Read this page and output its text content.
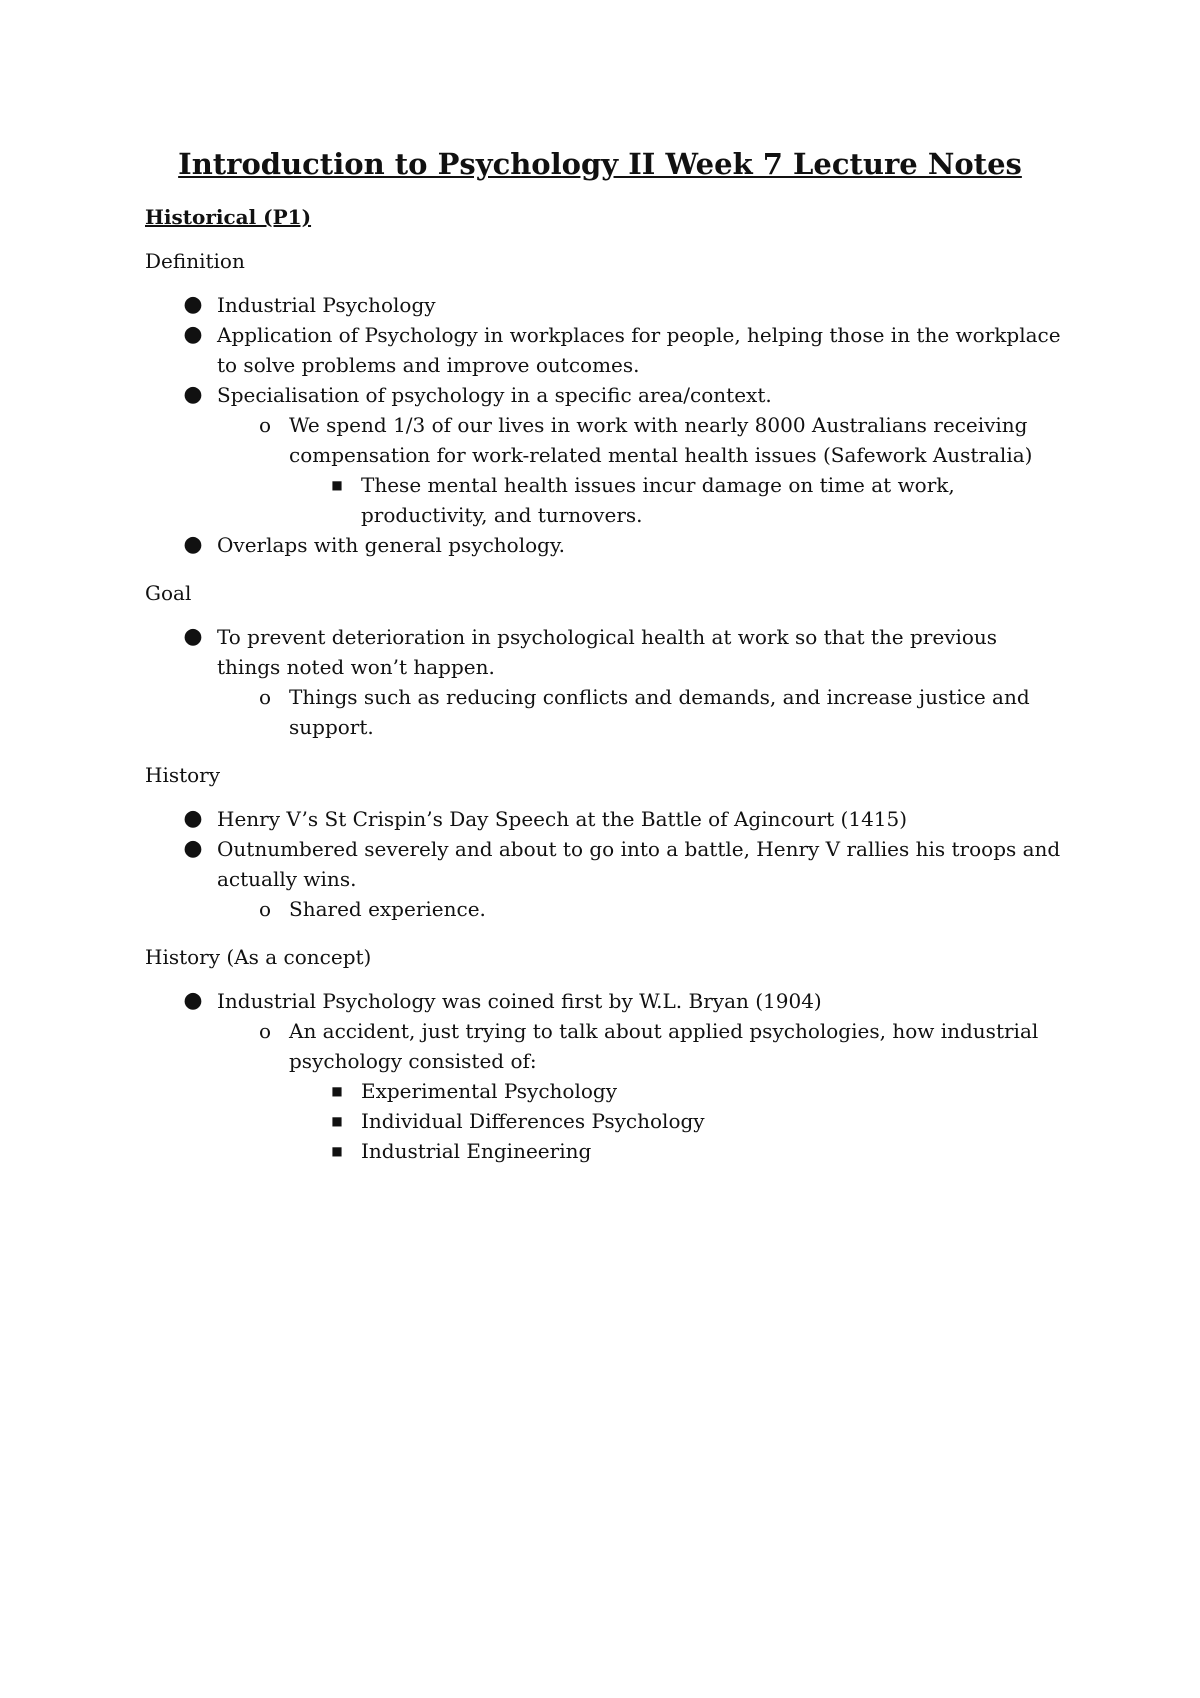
Introduction to Psychology II Week 7 Lecture Notes
Historical (P1)

Definition

● Industrial Psychology
● Application of Psychology in workplaces for people, helping those in the workplace to solve problems and improve outcomes.
● Specialisation of psychology in a specific area/context.
o We spend 1/3 of our lives in work with nearly 8000 Australians receiving compensation for work-related mental health issues (Safework Australia)
■ These mental health issues incur damage on time at work, productivity, and turnovers.
● Overlaps with general psychology.

Goal

● To prevent deterioration in psychological health at work so that the previous things noted won’t happen.
o Things such as reducing conflicts and demands, and increase justice and support.

History

● Henry V’s St Crispin’s Day Speech at the Battle of Agincourt (1415)
● Outnumbered severely and about to go into a battle, Henry V rallies his troops and actually wins.
o Shared experience.

History (As a concept)

● Industrial Psychology was coined first by W.L. Bryan (1904)
o An accident, just trying to talk about applied psychologies, how industrial psychology consisted of:
■ Experimental Psychology
■ Individual Differences Psychology
■ Industrial Engineering
